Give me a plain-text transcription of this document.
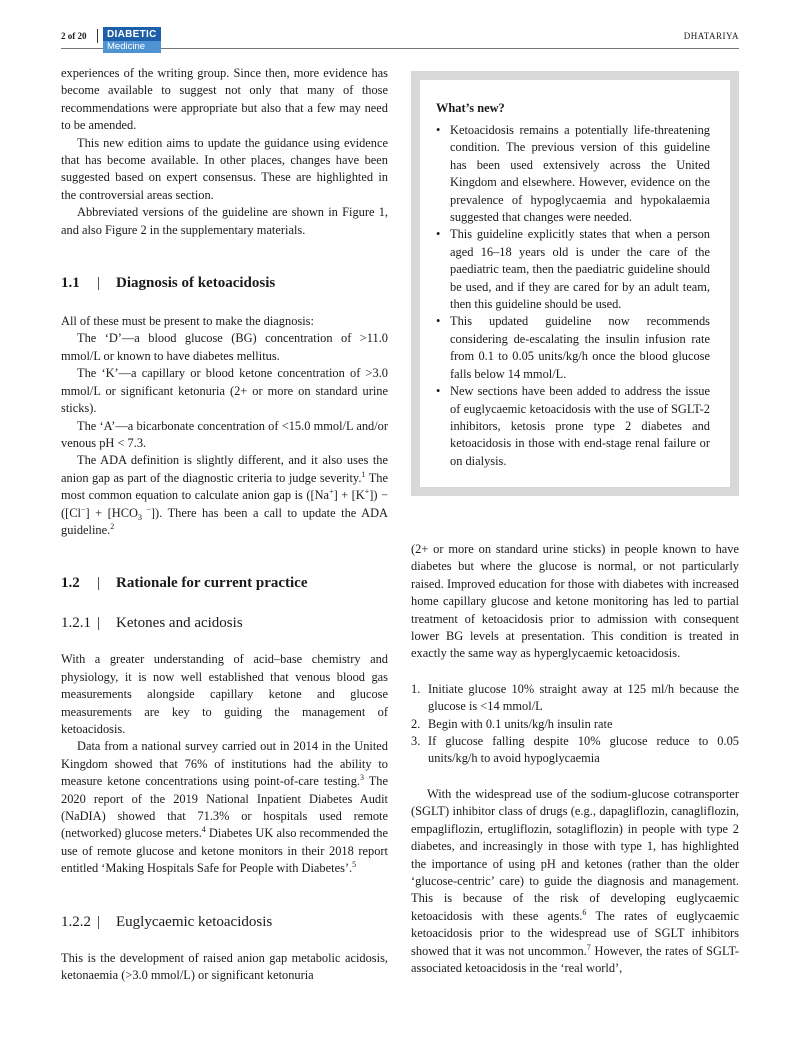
2 of 20	DIABETIC
Medicine
DHATARIYA

experiences of the writing group. Since then, more evidence has become available to suggest not only that many of those recommendations were appropriate but also that a few may need to be amended.

This new edition aims to update the guidance using evidence that has become available. In other places, changes have been suggested based on expert consensus. These are highlighted in the controversial areas section.

Abbreviated versions of the guideline are shown in Figure 1, and also Figure 2 in the supplementary materials.

1.1 | Diagnosis of ketoacidosis

All of these must be present to make the diagnosis:

The ‘D’—a blood glucose (BG) concentration of >11.0 mmol/L or known to have diabetes mellitus.

The ‘K’—a capillary or blood ketone concentration of >3.0 mmol/L or significant ketonuria (2+ or more on standard urine sticks).

The ‘A’—a bicarbonate concentration of <15.0 mmol/L and/or venous pH < 7.3.

The ADA definition is slightly different, and it also uses the anion gap as part of the diagnostic criteria to judge severity.$^1$ The most common equation to calculate anion gap is $([Na^+] + [K^+]) - ([Cl^-] + [HCO_3$ −]). There has been a call to update the ADA guideline.$^2$

1.2 | Rationale for current practice
1.2.1 | Ketones and acidosis

With a greater understanding of acid–base chemistry and physiology, it is now well established that venous blood gas measurements alongside capillary ketone and glucose measurements are key to guiding the management of ketoacidosis.

Data from a national survey carried out in 2014 in the United Kingdom showed that 76% of institutions had the ability to measure ketone concentrations using point-of-care testing.$^3$ The 2020 report of the 2019 National Inpatient Diabetes Audit (NaDIA) showed that 71.3% or hospitals used remote (networked) glucose meters.$^4$ Diabetes UK also recommended the use of remote glucose and ketone monitors in their 2018 report entitled ‘Making Hospitals Safe for People with Diabetes’.$^5$

1.2.2 | Euglycaemic ketoacidosis

This is the development of raised anion gap metabolic acidosis, ketonaemia (>3.0 mmol/L) or significant ketonuria

What’s new?
• Ketoacidosis remains a potentially life-threatening condition. The previous version of this guideline has been used extensively across the United Kingdom and elsewhere. However, evidence on the prevalence of hypoglycaemia and hypokalaemia suggested that changes were needed.
• This guideline explicitly states that when a person aged 16–18 years old is under the care of the paediatric team, then the paediatric guideline should be used, and if they are cared for by an adult team, then this guideline should be used.
• This updated guideline now recommends considering de-escalating the insulin infusion rate from 0.1 to 0.05 units/kg/h once the blood glucose falls below 14 mmol/L.
• New sections have been added to address the issue of euglycaemic ketoacidosis with the use of SGLT-2 inhibitors, ketosis prone type 2 diabetes and ketoacidosis in those with end-stage renal failure or on dialysis.

(2+ or more on standard urine sticks) in people known to have diabetes but where the glucose is normal, or not particularly raised. Improved education for those with diabetes with increased home capillary glucose and ketone monitoring has led to partial treatment of ketoacidosis prior to admission with consequent lower BG levels at presentation. This condition is treated in exactly the same way as hyperglycaemic ketoacidosis.

1. Initiate glucose 10% straight away at 125 ml/h because the glucose is <14 mmol/L
2. Begin with 0.1 units/kg/h insulin rate
3. If glucose falling despite 10% glucose reduce to 0.05 units/kg/h to avoid hypoglycaemia

With the widespread use of the sodium-glucose cotransporter (SGLT) inhibitor class of drugs (e.g., dapagliflozin, canagliflozin, empagliflozin, ertugliflozin, sotagliflozin) in people with type 2 diabetes, and increasingly in those with type 1, has highlighted the importance of using pH and ketones (rather than the older ‘glucose-centric’ care) to guide the diagnosis and management. This is because of the risk of developing euglycaemic ketoacidosis with these agents.$^6$ The rates of euglycaemic ketoacidosis prior to the widespread use of SGLT inhibitors showed that it was not uncommon.$^7$ However, the rates of SGLT-associated ketoacidosis in the ‘real world’,
